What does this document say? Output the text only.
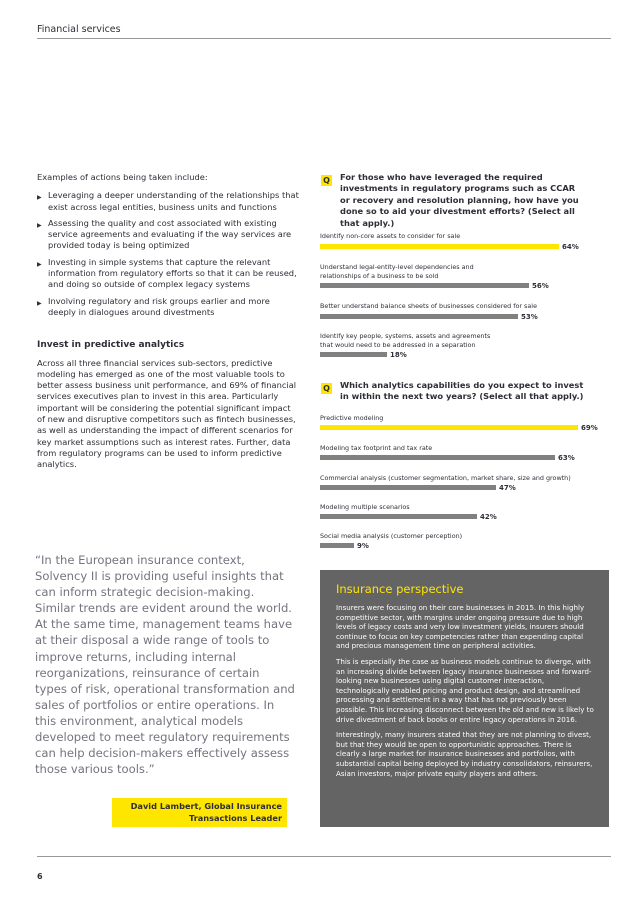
Financial services

Examples of actions being taken include:

▶ Leveraging a deeper understanding of the relationships that exist across legal entities, business units and functions
▶ Assessing the quality and cost associated with existing service agreements and evaluating if the way services are provided today is being optimized
▶ Investing in simple systems that capture the relevant information from regulatory efforts so that it can be reused, and doing so outside of complex legacy systems
▶ Involving regulatory and risk groups earlier and more deeply in dialogues around divestments
Invest in predictive analytics

Across all three financial services sub-sectors, predictive modeling has emerged as one of the most valuable tools to better assess business unit performance, and 69% of financial services executives plan to invest in this area. Particularly important will be considering the potential significant impact of new and disruptive competitors such as fintech businesses, as well as understanding the impact of different scenarios for key market assumptions such as interest rates. Further, data from regulatory programs can be used to inform predictive analytics.

“In the European insurance context, Solvency II is providing useful insights that can inform strategic decision-making. Similar trends are evident around the world. At the same time, management teams have at their disposal a wide range of tools to improve returns, including internal reorganizations, reinsurance of certain types of risk, operational transformation and sales of portfolios or entire operations. In this environment, analytical models developed to meet regulatory requirements can help decision-makers effectively assess those various tools.”
David Lambert, Global Insurance
Transactions Leader
Q For those who have leveraged the required investments in regulatory programs such as CCAR or recovery and resolution planning, how have you done so to aid your divestment efforts? (Select all that apply.)
Identify non-core assets to consider for sale
64%
Understand legal-entity-level dependencies and relationships of a business to be sold
56%
Better understand balance sheets of businesses considered for sale
53%
Identify key people, systems, assets and agreements that would need to be addressed in a separation
18%
Q Which analytics capabilities do you expect to invest in within the next two years? (Select all that apply.)
Predictive modeling
69%
Modeling tax footprint and tax rate
63%
Commercial analysis (customer segmentation, market share, size and growth)
47%
Modeling multiple scenarios
42%
Social media analysis (customer perception)
9%
Insurance perspective

Insurers were focusing on their core businesses in 2015. In this highly competitive sector, with margins under ongoing pressure due to high levels of legacy costs and very low investment yields, insurers should continue to focus on key competencies rather than expending capital and precious management time on peripheral activities.

This is especially the case as business models continue to diverge, with an increasing divide between legacy insurance businesses and forward-looking new businesses using digital customer interaction, technologically enabled pricing and product design, and streamlined processing and settlement in a way that has not previously been possible. This increasing disconnect between the old and new is likely to drive divestment of back books or entire legacy operations in 2016.

Interestingly, many insurers stated that they are not planning to divest, but that they would be open to opportunistic approaches. There is clearly a large market for insurance businesses and portfolios, with substantial capital being deployed by industry consolidators, reinsurers, Asian investors, major private equity players and others.

6
